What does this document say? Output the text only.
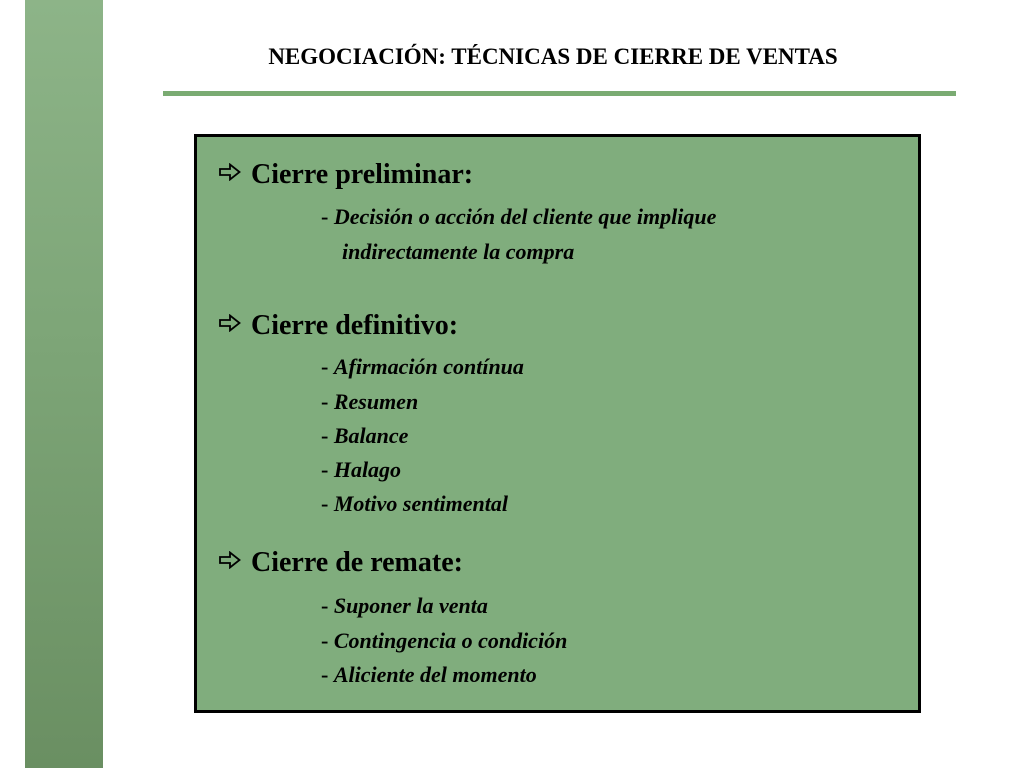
NEGOCIACIÓN: TÉCNICAS DE CIERRE DE VENTAS
Cierre preliminar:
- Decisión o acción del cliente que implique
indirectamente la compra
Cierre definitivo:
- Afirmación contínua
- Resumen
- Balance
- Halago
- Motivo sentimental
Cierre de remate:
- Suponer la venta
- Contingencia o condición
- Aliciente del momento
